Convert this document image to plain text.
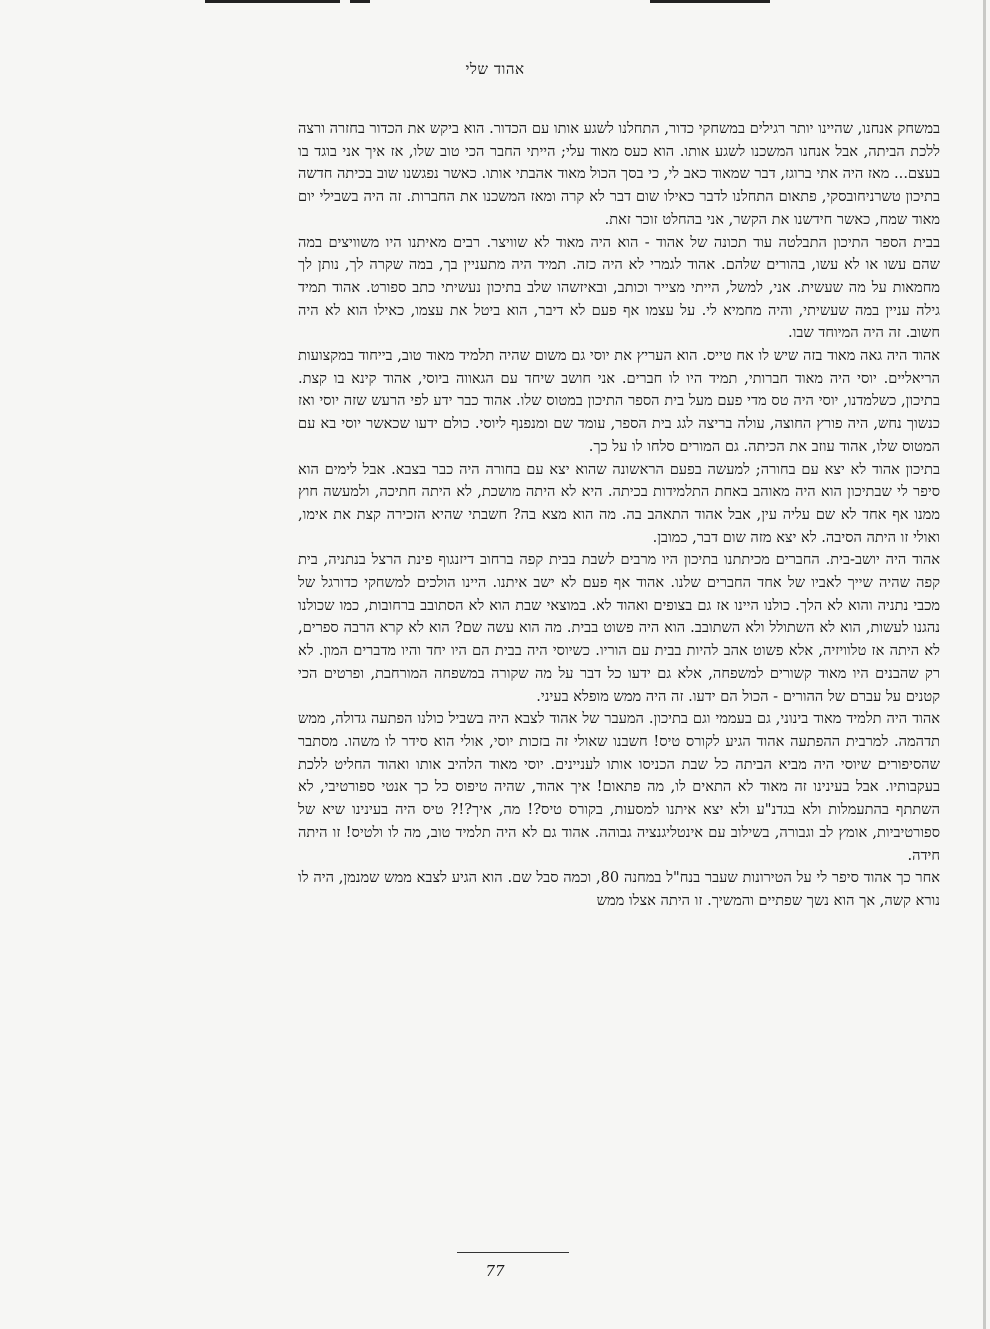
אהוד שלי

במשחק אנחנו, שהיינו יותר רגילים במשחקי כדור, התחלנו לשגע אותו עם הכדור. הוא ביקש את הכדור בחזרה ורצה ללכת הביתה, אבל אנחנו המשכנו לשגע אותו. הוא כעס מאוד עלי; הייתי החבר הכי טוב שלו, אז איך אני בוגד בו בעצם... מאז היה אתי ברוגז, דבר שמאוד כאב לי, כי בסך הכול מאוד אהבתי אותו. כאשר נפגשנו שוב בכיתה חדשה בתיכון טשרניחובסקי, פתאום התחלנו לדבר כאילו שום דבר לא קרה ומאז המשכנו את החברות. זה היה בשבילי יום מאוד שמח, כאשר חידשנו את הקשר, אני בהחלט זוכר זאת.

בבית הספר התיכון התבלטה עוד תכונה של אהוד - הוא היה מאוד לא שוויצר. רבים מאיתנו היו משוויצים במה שהם עשו או לא עשו, בהורים שלהם. אהוד לגמרי לא היה כזה. תמיד היה מתעניין בך, במה שקרה לך, נותן לך מחמאות על מה שעשית. אני, למשל, הייתי מצייר וכותב, ובאיזשהו שלב בתיכון נעשיתי כתב ספורט. אהוד תמיד גילה עניין במה שעשיתי, והיה מחמיא לי. על עצמו אף פעם לא דיבר, הוא ביטל את עצמו, כאילו הוא לא היה חשוב. זה היה המיוחד שבו.

אהוד היה גאה מאוד בזה שיש לו אח טייס. הוא העריץ את יוסי גם משום שהיה תלמיד מאוד טוב, בייחוד במקצועות הריאליים. יוסי היה מאוד חברותי, תמיד היו לו חברים. אני חושב שיחד עם הגאווה ביוסי, אהוד קינא בו קצת. בתיכון, כשלמדנו, יוסי היה טס מדי פעם מעל בית הספר התיכון במטוס שלו. אהוד כבר ידע לפי הרעש שזה יוסי ואז כנשוך נחש, היה פורץ החוצה, עולה בריצה לגג בית הספר, עומד שם ומנפנף ליוסי. כולם ידעו שכאשר יוסי בא עם המטוס שלו, אהוד עוזב את הכיתה. גם המורים סלחו לו על כך.

בתיכון אהוד לא יצא עם בחורה; למעשה בפעם הראשונה שהוא יצא עם בחורה היה כבר בצבא. אבל לימים הוא סיפר לי שבתיכון הוא היה מאוהב באחת התלמידות בכיתה. היא לא היתה מושכת, לא היתה חתיכה, ולמעשה חוץ ממנו אף אחד לא שם עליה עין, אבל אהוד התאהב בה. מה הוא מצא בה? חשבתי שהיא הזכירה קצת את אימו, ואולי זו היתה הסיבה. לא יצא מזה שום דבר, כמובן.

אהוד היה יושב-בית. החברים מכיתתנו בתיכון היו מרבים לשבת בבית קפה ברחוב דיזנגוף פינת הרצל בנתניה, בית קפה שהיה שייך לאביו של אחד החברים שלנו. אהוד אף פעם לא ישב איתנו. היינו הולכים למשחקי כדורגל של מכבי נתניה והוא לא הלך. כולנו היינו אז גם בצופים ואהוד לא. במוצאי שבת הוא לא הסתובב ברחובות, כמו שכולנו נהגנו לעשות, הוא לא השתולל ולא השתובב. הוא היה פשוט בבית. מה הוא עשה שם? הוא לא קרא הרבה ספרים, לא היתה אז טלוויזיה, אלא פשוט אהב להיות בבית עם הוריו. כשיוסי היה בבית הם היו יחד והיו מדברים המון. לא רק שהבנים היו מאוד קשורים למשפחה, אלא גם ידעו כל דבר על מה שקורה במשפחה המורחבת, ופרטים הכי קטנים על עברם של ההורים - הכול הם ידעו. זה היה ממש מופלא בעיני.

אהוד היה תלמיד מאוד בינוני, גם בעממי וגם בתיכון. המעבר של אהוד לצבא היה בשביל כולנו הפתעה גדולה, ממש תדהמה. למרבית ההפתעה אהוד הגיע לקורס טיס! חשבנו שאולי זה בזכות יוסי, אולי הוא סידר לו משהו. מסתבר שהסיפורים שיוסי היה מביא הביתה כל שבת הכניסו אותו לעניינים. יוסי מאוד הלהיב אותו ואהוד החליט ללכת בעקבותיו. אבל בעינינו זה מאוד לא התאים לו, מה פתאום! איך אהוד, שהיה טיפוס כל כך אנטי ספורטיבי, לא השתתף בהתעמלות ולא בגדנ"ע ולא יצא איתנו למסעות, בקורס טיס?! מה, איך?!? טיס היה בעינינו שיא של ספורטיביות, אומץ לב וגבורה, בשילוב עם אינטליגנציה גבוהה. אהוד גם לא היה תלמיד טוב, מה לו ולטיס! זו היתה חידה.

אחר כך אהוד סיפר לי על הטירונות שעבר בנח"ל במחנה 80, וכמה סבל שם. הוא הגיע לצבא ממש שמנמן, היה לו נורא קשה, אך הוא נשך שפתיים והמשיך. זו היתה אצלו ממש

77
